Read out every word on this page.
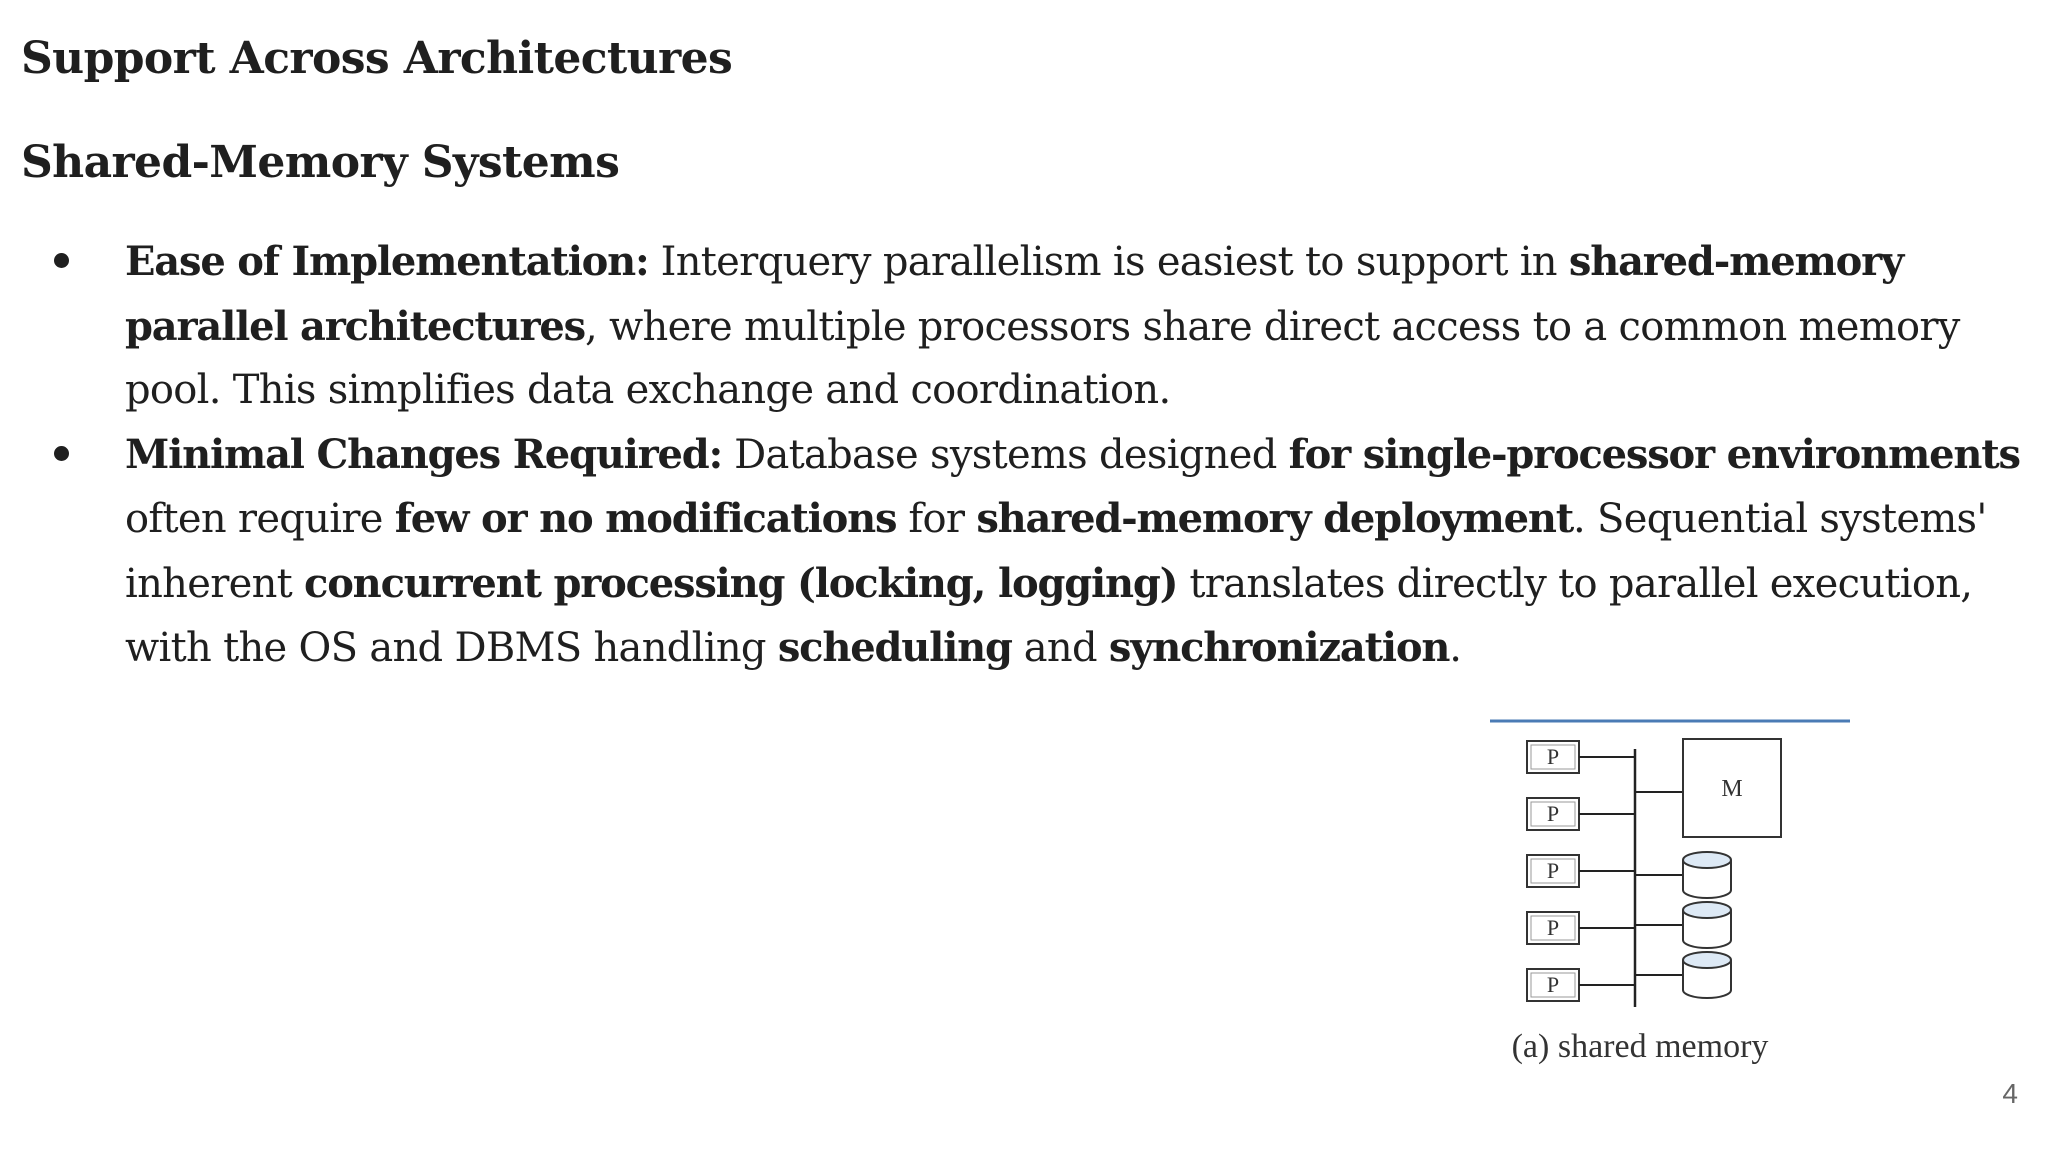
Support Across Architectures
Shared-Memory Systems
Ease of Implementation: Interquery parallelism is easiest to support in shared-memory
parallel architectures, where multiple processors share direct access to a common memory
pool. This simplifies data exchange and coordination.
Minimal Changes Required: Database systems designed for single-processor environments
often require few or no modifications for shared-memory deployment. Sequential systems'
inherent concurrent processing (locking, logging) translates directly to parallel execution,
with the OS and DBMS handling scheduling and synchronization.
P
P
P
P
P
M
(a) shared memory
4
